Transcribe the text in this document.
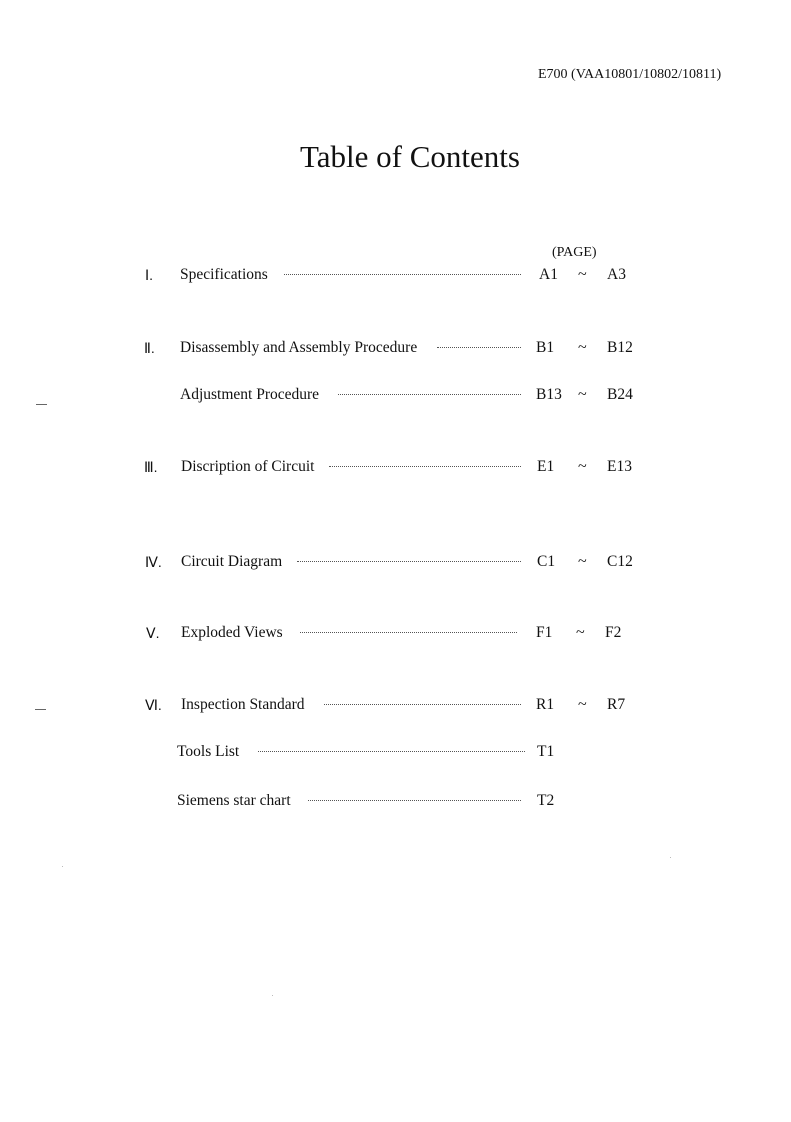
E700 (VAA10801/10802/10811)
Table of Contents
(PAGE)
Ⅰ. Specifications	A1 ~ A3
Ⅱ. Disassembly and Assembly Procedure	B1 ~ B12
Adjustment Procedure	B13 ~ B24
Ⅲ. Discription of Circuit	E1 ~ E13
Ⅳ. Circuit Diagram	C1 ~ C12
Ⅴ. Exploded Views	F1 ~ F2
Ⅵ. Inspection Standard	R1 ~ R7
Tools List	T1
Siemens star chart	T2
